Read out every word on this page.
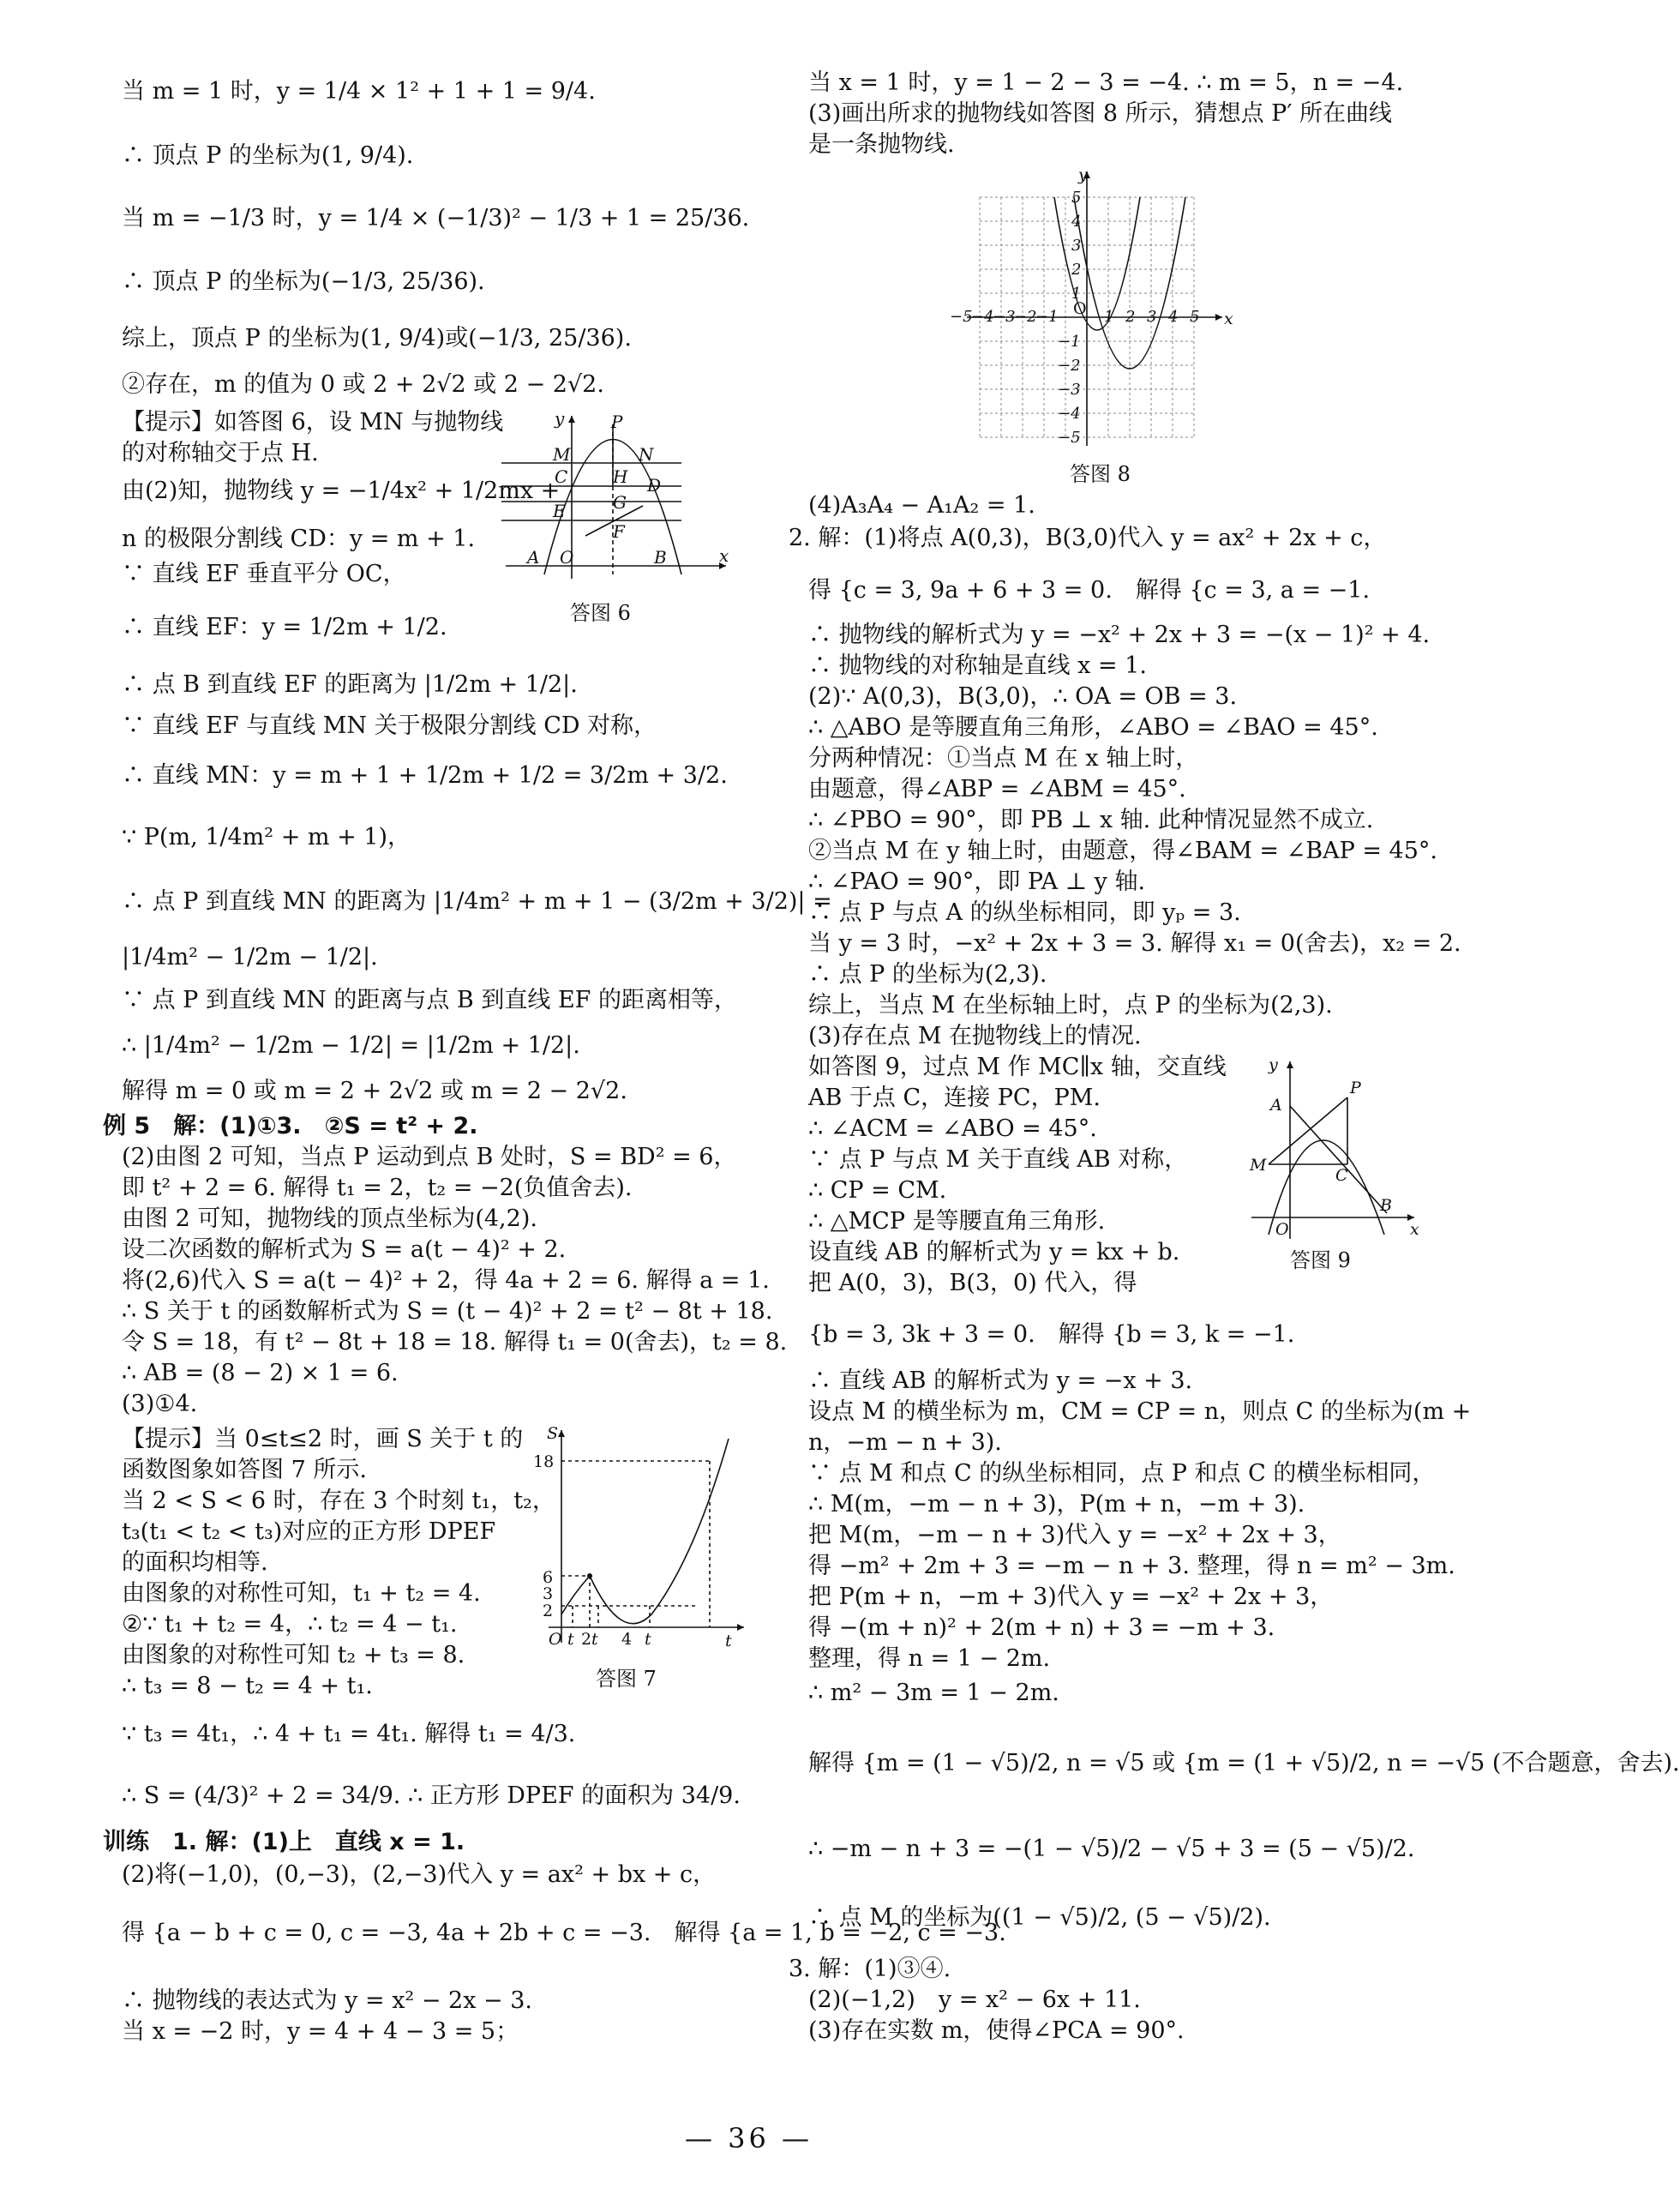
当 m = 1 时，y = 1/4 × 1² + 1 + 1 = 9/4.
∴ 顶点 P 的坐标为(1, 9/4).
当 m = −1/3 时，y = 1/4 × (−1/3)² − 1/3 + 1 = 25/36.
∴ 顶点 P 的坐标为(−1/3, 25/36).
综上，顶点 P 的坐标为(1, 9/4)或(−1/3, 25/36).
②存在，m 的值为 0 或 2 + 2√2 或 2 − 2√2.
【提示】如答图 6，设 MN 与抛物线
的对称轴交于点 H.
由(2)知，抛物线 y = −1/4x² + 1/2mx +
n 的极限分割线 CD：y = m + 1.
∵ 直线 EF 垂直平分 OC，
∴ 直线 EF：y = 1/2m + 1/2.
∴ 点 B 到直线 EF 的距离为 |1/2m + 1/2|.
∵ 直线 EF 与直线 MN 关于极限分割线 CD 对称，
∴ 直线 MN：y = m + 1 + 1/2m + 1/2 = 3/2m + 3/2.
∵ P(m, 1/4m² + m + 1)，
∴ 点 P 到直线 MN 的距离为 |1/4m² + m + 1 − (3/2m + 3/2)| =
|1/4m² − 1/2m − 1/2|.
∵ 点 P 到直线 MN 的距离与点 B 到直线 EF 的距离相等，
∴ |1/4m² − 1/2m − 1/2| = |1/2m + 1/2|.
解得 m = 0 或 m = 2 + 2√2 或 m = 2 − 2√2.
例 5　解：(1)①3.　②S = t² + 2.
(2)由图 2 可知，当点 P 运动到点 B 处时，S = BD² = 6，
即 t² + 2 = 6. 解得 t₁ = 2，t₂ = −2(负值舍去).
由图 2 可知，抛物线的顶点坐标为(4,2).
设二次函数的解析式为 S = a(t − 4)² + 2.
将(2,6)代入 S = a(t − 4)² + 2，得 4a + 2 = 6. 解得 a = 1.
∴ S 关于 t 的函数解析式为 S = (t − 4)² + 2 = t² − 8t + 18.
令 S = 18，有 t² − 8t + 18 = 18. 解得 t₁ = 0(舍去)，t₂ = 8.
∴ AB = (8 − 2) × 1 = 6.
(3)①4.
【提示】当 0≤t≤2 时，画 S 关于 t 的
函数图象如答图 7 所示.
当 2 < S < 6 时，存在 3 个时刻 t₁，t₂，
t₃(t₁ < t₂ < t₃)对应的正方形 DPEF
的面积均相等.
由图象的对称性可知，t₁ + t₂ = 4.
②∵ t₁ + t₂ = 4，∴ t₂ = 4 − t₁.
由图象的对称性可知 t₂ + t₃ = 8.
∴ t₃ = 8 − t₂ = 4 + t₁.
∵ t₃ = 4t₁，∴ 4 + t₁ = 4t₁. 解得 t₁ = 4/3.
∴ S = (4/3)² + 2 = 34/9. ∴ 正方形 DPEF 的面积为 34/9.
训练　1. 解：(1)上　直线 x = 1.
(2)将(−1,0)，(0,−3)，(2,−3)代入 y = ax² + bx + c，
得 {a − b + c = 0, c = −3, 4a + 2b + c = −3.　解得 {a = 1, b = −2, c = −3.
∴ 抛物线的表达式为 y = x² − 2x − 3.
当 x = −2 时，y = 4 + 4 − 3 = 5；
y	P
M	N
C	H D
G
E
F
A O	B	x
答图 6
S
18
6
3
2
O t 2 t 4 t	t
答图 7
当 x = 1 时，y = 1 − 2 − 3 = −4. ∴ m = 5，n = −4.
(3)画出所求的抛物线如答图 8 所示，猜想点 P′ 所在曲线
是一条抛物线.
(4)A₃A₄ − A₁A₂ = 1.
2. 解：(1)将点 A(0,3)，B(3,0)代入 y = ax² + 2x + c，
得 {c = 3, 9a + 6 + 3 = 0.　解得 {c = 3, a = −1.
∴ 抛物线的解析式为 y = −x² + 2x + 3 = −(x − 1)² + 4.
∴ 抛物线的对称轴是直线 x = 1.
(2)∵ A(0,3)，B(3,0)，∴ OA = OB = 3.
∴ △ABO 是等腰直角三角形，∠ABO = ∠BAO = 45°.
分两种情况：①当点 M 在 x 轴上时，
由题意，得∠ABP = ∠ABM = 45°.
∴ ∠PBO = 90°，即 PB ⊥ x 轴. 此种情况显然不成立.
②当点 M 在 y 轴上时，由题意，得∠BAM = ∠BAP = 45°.
∴ ∠PAO = 90°，即 PA ⊥ y 轴.
∴ 点 P 与点 A 的纵坐标相同，即 yₚ = 3.
当 y = 3 时，−x² + 2x + 3 = 3. 解得 x₁ = 0(舍去)，x₂ = 2.
∴ 点 P 的坐标为(2,3).
综上，当点 M 在坐标轴上时，点 P 的坐标为(2,3).
(3)存在点 M 在抛物线上的情况.
如答图 9，过点 M 作 MC∥x 轴，交直线
AB 于点 C，连接 PC，PM.
∴ ∠ACM = ∠ABO = 45°.
∵ 点 P 与点 M 关于直线 AB 对称，
∴ CP = CM.
∴ △MCP 是等腰直角三角形.
设直线 AB 的解析式为 y = kx + b.
把 A(0，3)，B(3，0) 代入，得
{b = 3, 3k + 3 = 0.　解得 {b = 3, k = −1.
∴ 直线 AB 的解析式为 y = −x + 3.
设点 M 的横坐标为 m，CM = CP = n，则点 C 的坐标为(m +
n，−m − n + 3).
∵ 点 M 和点 C 的纵坐标相同，点 P 和点 C 的横坐标相同，
∴ M(m，−m − n + 3)，P(m + n，−m + 3).
把 M(m，−m − n + 3)代入 y = −x² + 2x + 3，
得 −m² + 2m + 3 = −m − n + 3. 整理，得 n = m² − 3m.
把 P(m + n，−m + 3)代入 y = −x² + 2x + 3，
得 −(m + n)² + 2(m + n) + 3 = −m + 3.
整理，得 n = 1 − 2m.
∴ m² − 3m = 1 − 2m.
解得 {m = (1 − √5)/2, n = √5 或 {m = (1 + √5)/2, n = −√5 (不合题意，舍去).
∴ −m − n + 3 = −(1 − √5)/2 − √5 + 3 = (5 − √5)/2.
∴ 点 M 的坐标为((1 − √5)/2, (5 − √5)/2).
3. 解：(1)③④.
(2)(−1,2)　y = x² − 6x + 11.
(3)存在实数 m，使得∠PCA = 90°.
y
x
O
−5
−4
−3
−2
−1	1 2 3 4 5
5
4
3
2
1
−1
−2
−3
−4
−5
答图 8
y
P
A
M
C
B
O	x
答图 9
— 36 —
